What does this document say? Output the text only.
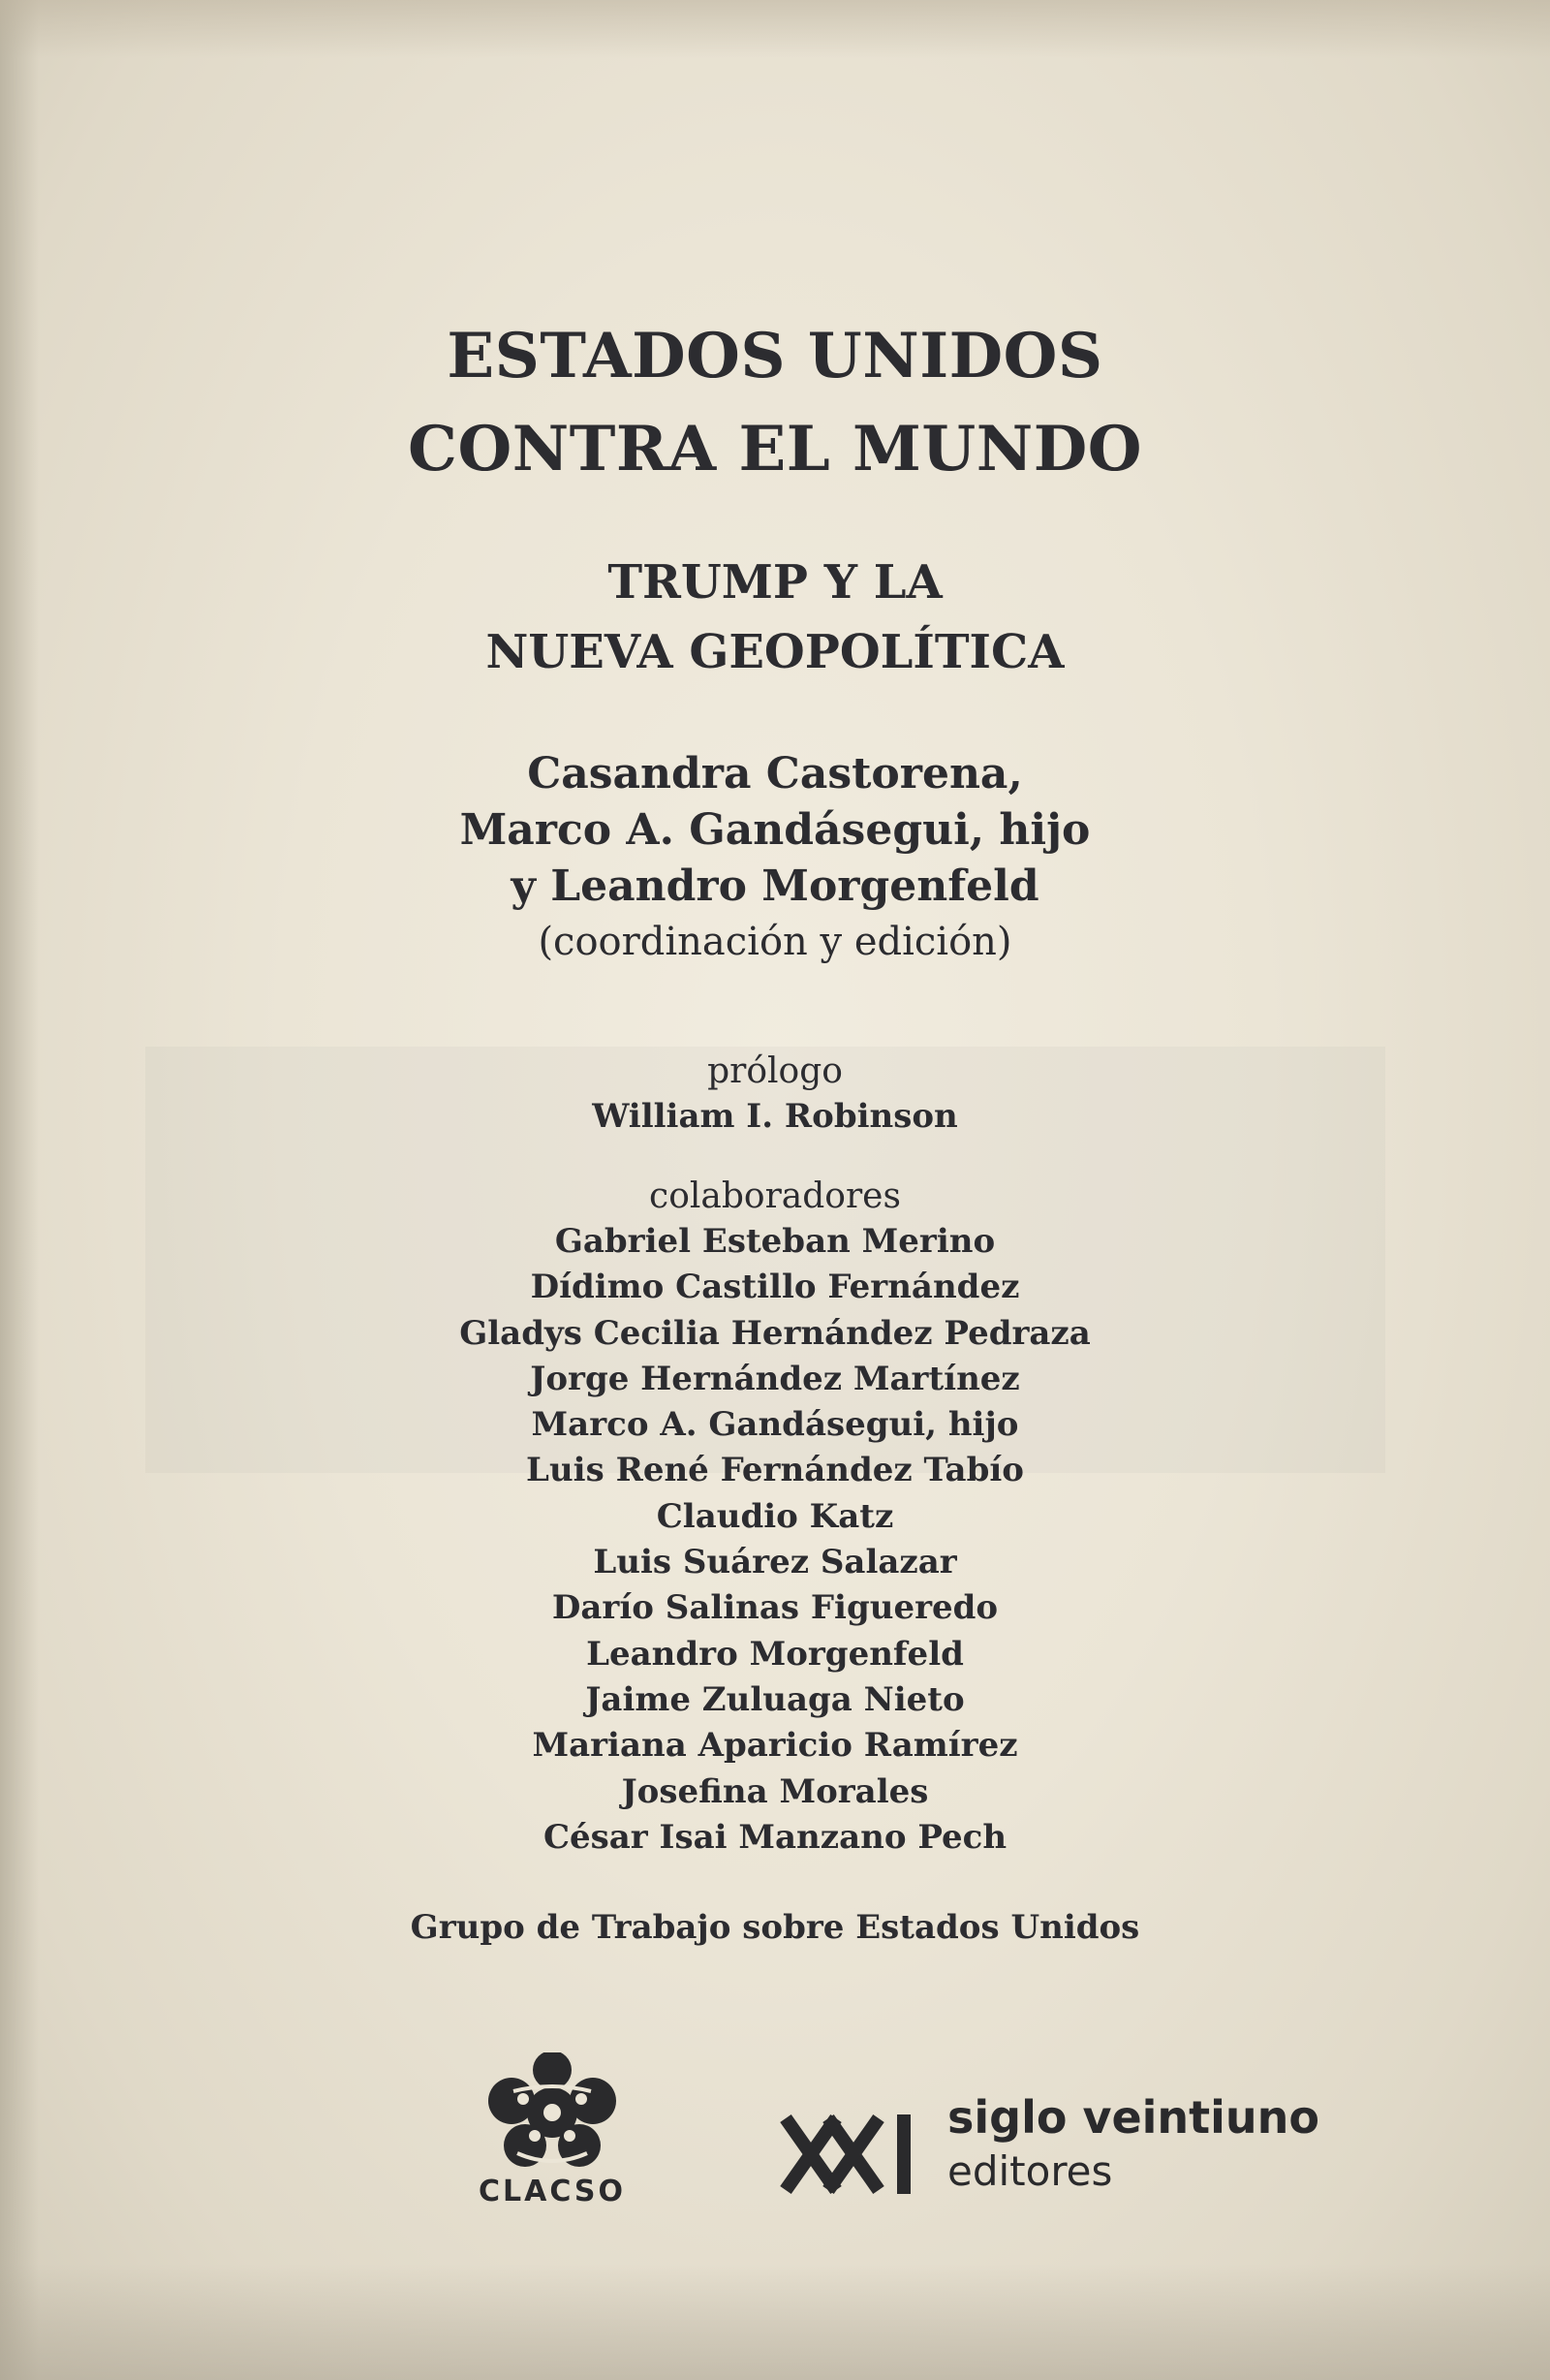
ESTADOS UNIDOS

CONTRA EL MUNDO

TRUMP Y LA

NUEVA GEOPOLÍTICA

Casandra Castorena,

Marco A. Gandásegui, hijo

y Leandro Morgenfeld

(coordinación y edición)

prólogo

William I. Robinson

colaboradores

Gabriel Esteban Merino

Dídimo Castillo Fernández

Gladys Cecilia Hernández Pedraza

Jorge Hernández Martínez

Marco A. Gandásegui, hijo

Luis René Fernández Tabío

Claudio Katz

Luis Suárez Salazar

Darío Salinas Figueredo

Leandro Morgenfeld

Jaime Zuluaga Nieto

Mariana Aparicio Ramírez

Josefina Morales

César Isai Manzano Pech

Grupo de Trabajo sobre Estados Unidos
CLACSO
siglo veintiuno
editores
